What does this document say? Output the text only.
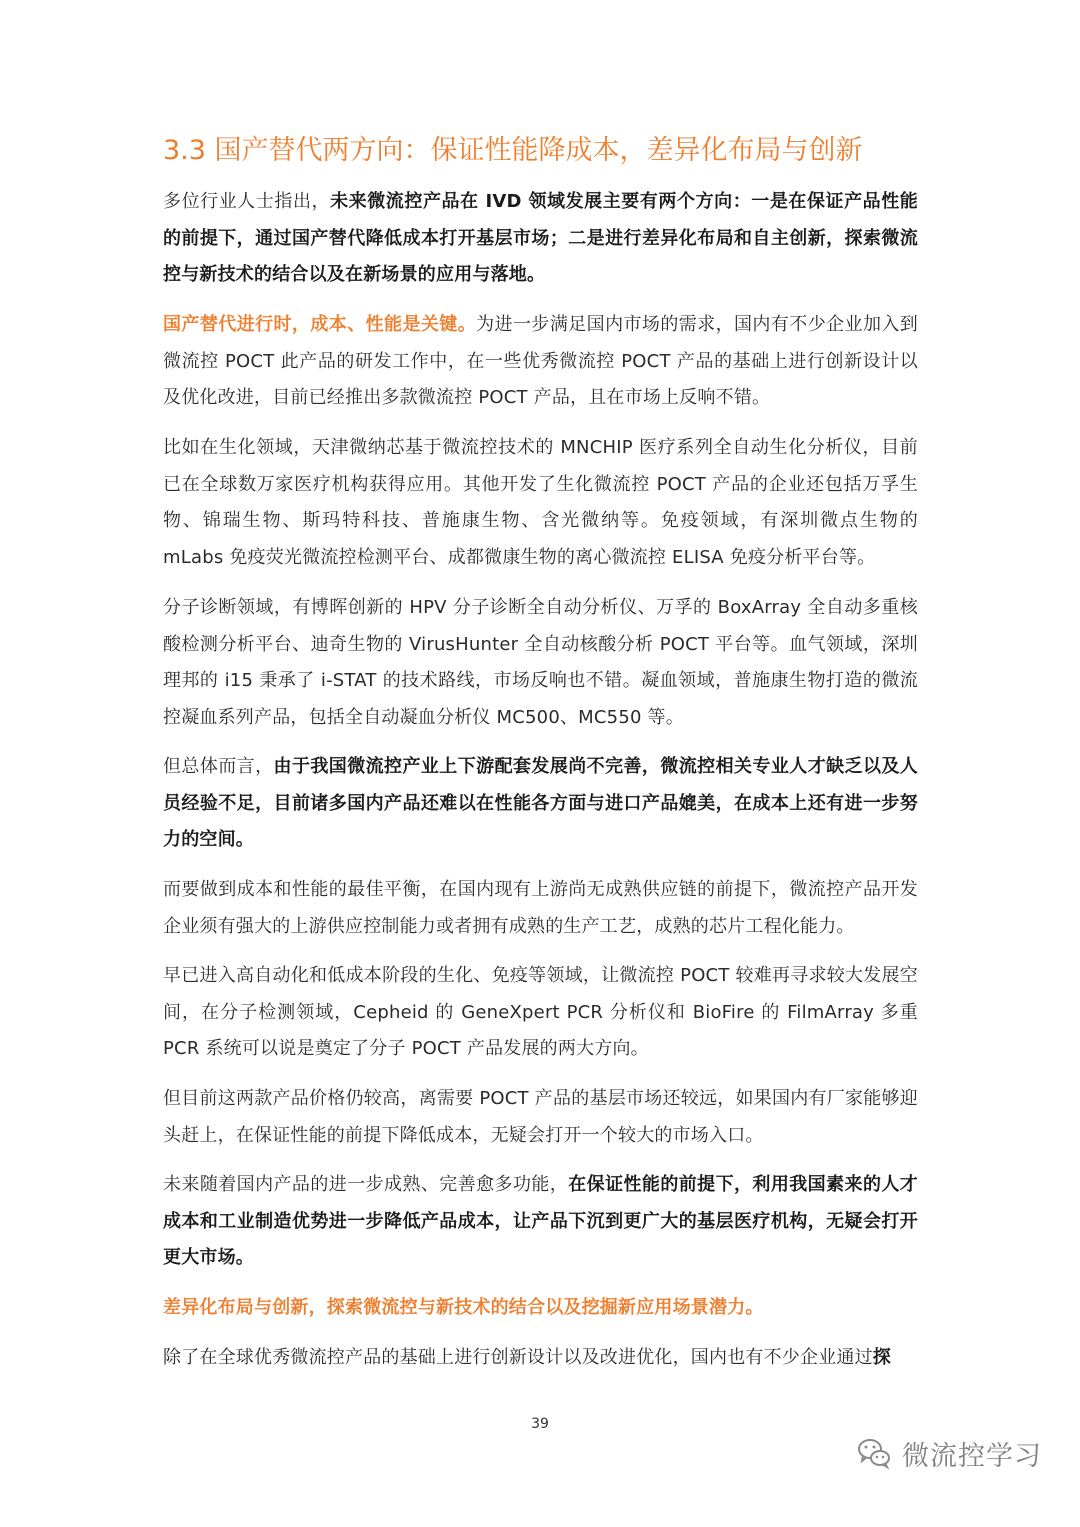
3.3 国产替代两方向：保证性能降成本，差异化布局与创新

多位行业人士指出，未来微流控产品在 IVD 领域发展主要有两个方向：一是在保证产品性能的前提下，通过国产替代降低成本打开基层市场；二是进行差异化布局和自主创新，探索微流控与新技术的结合以及在新场景的应用与落地。

国产替代进行时，成本、性能是关键。为进一步满足国内市场的需求，国内有不少企业加入到微流控 POCT 此产品的研发工作中，在一些优秀微流控 POCT 产品的基础上进行创新设计以及优化改进，目前已经推出多款微流控 POCT 产品，且在市场上反响不错。

比如在生化领域，天津微纳芯基于微流控技术的 MNCHIP 医疗系列全自动生化分析仪，目前已在全球数万家医疗机构获得应用。其他开发了生化微流控 POCT 产品的企业还包括万孚生物、锦瑞生物、斯玛特科技、普施康生物、含光微纳等。免疫领域，有深圳微点生物的 mLabs 免疫荧光微流控检测平台、成都微康生物的离心微流控 ELISA 免疫分析平台等。

分子诊断领域，有博晖创新的 HPV 分子诊断全自动分析仪、万孚的 BoxArray 全自动多重核酸检测分析平台、迪奇生物的 VirusHunter 全自动核酸分析 POCT 平台等。血气领域，深圳理邦的 i15 秉承了 i-STAT 的技术路线，市场反响也不错。凝血领域，普施康生物打造的微流控凝血系列产品，包括全自动凝血分析仪 MC500、MC550 等。

但总体而言，由于我国微流控产业上下游配套发展尚不完善，微流控相关专业人才缺乏以及人员经验不足，目前诸多国内产品还难以在性能各方面与进口产品媲美，在成本上还有进一步努力的空间。

而要做到成本和性能的最佳平衡，在国内现有上游尚无成熟供应链的前提下，微流控产品开发企业须有强大的上游供应控制能力或者拥有成熟的生产工艺，成熟的芯片工程化能力。

早已进入高自动化和低成本阶段的生化、免疫等领域，让微流控 POCT 较难再寻求较大发展空间，在分子检测领域，Cepheid 的 GeneXpert PCR 分析仪和 BioFire 的 FilmArray 多重 PCR 系统可以说是奠定了分子 POCT 产品发展的两大方向。

但目前这两款产品价格仍较高，离需要 POCT 产品的基层市场还较远，如果国内有厂家能够迎头赶上，在保证性能的前提下降低成本，无疑会打开一个较大的市场入口。

未来随着国内产品的进一步成熟、完善愈多功能，在保证性能的前提下，利用我国素来的人才成本和工业制造优势进一步降低产品成本，让产品下沉到更广大的基层医疗机构，无疑会打开更大市场。

差异化布局与创新，探索微流控与新技术的结合以及挖掘新应用场景潜力。

除了在全球优秀微流控产品的基础上进行创新设计以及改进优化，国内也有不少企业通过探

39
微流控学习
